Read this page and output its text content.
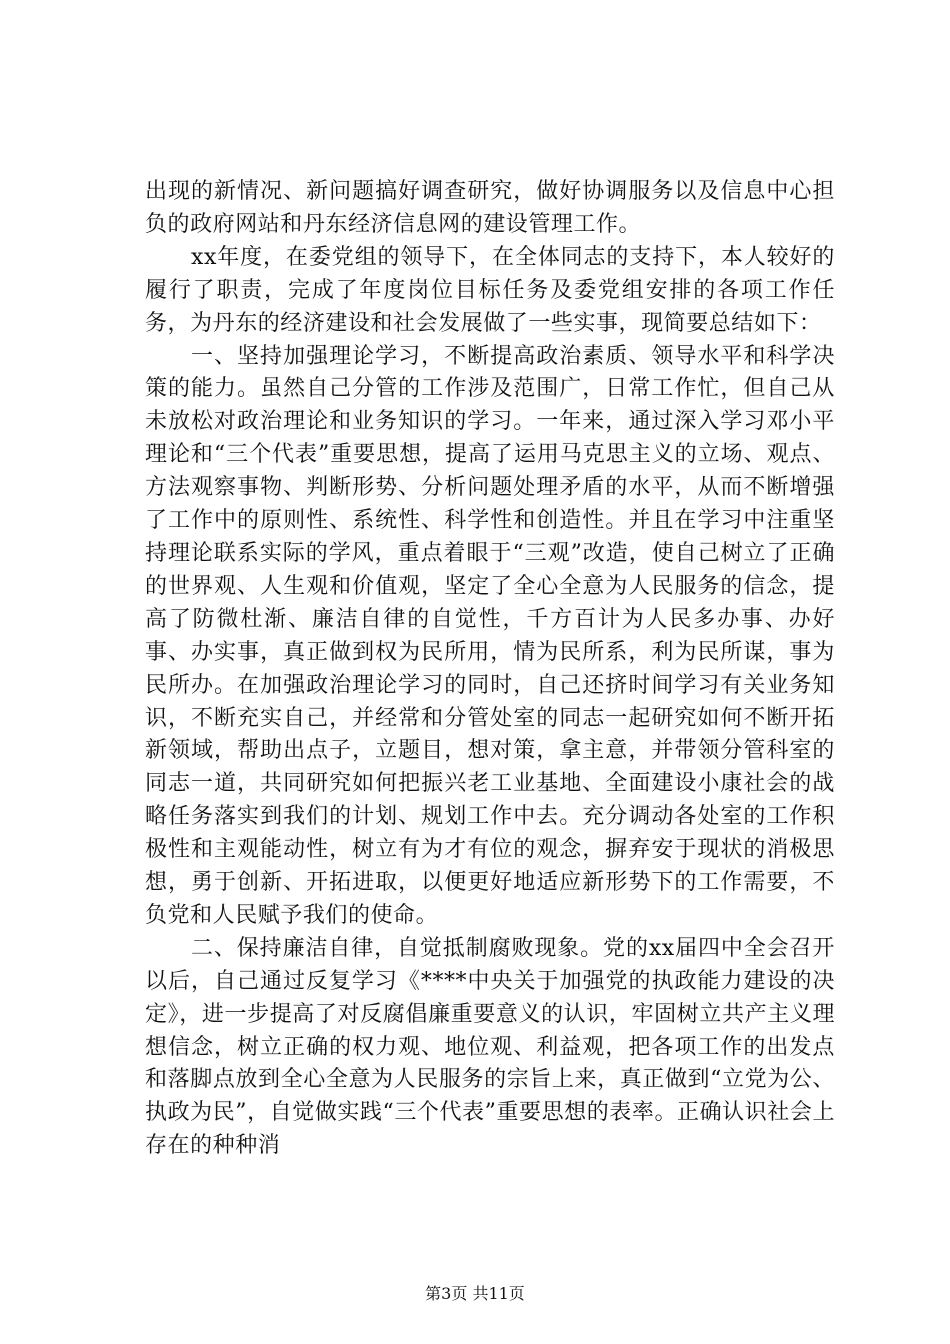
出现的新情况、新问题搞好调查研究，做好协调服务以及信息中心担负的政府网站和丹东经济信息网的建设管理工作。

xx年度，在委党组的领导下，在全体同志的支持下，本人较好的履行了职责，完成了年度岗位目标任务及委党组安排的各项工作任务，为丹东的经济建设和社会发展做了一些实事，现简要总结如下：

一、坚持加强理论学习，不断提高政治素质、领导水平和科学决策的能力。虽然自己分管的工作涉及范围广，日常工作忙，但自己从未放松对政治理论和业务知识的学习。一年来，通过深入学习邓小平理论和“三个代表”重要思想，提高了运用马克思主义的立场、观点、方法观察事物、判断形势、分析问题处理矛盾的水平，从而不断增强了工作中的原则性、系统性、科学性和创造性。并且在学习中注重坚持理论联系实际的学风，重点着眼于“三观”改造，使自己树立了正确的世界观、人生观和价值观，坚定了全心全意为人民服务的信念，提高了防微杜渐、廉洁自律的自觉性，千方百计为人民多办事、办好事、办实事，真正做到权为民所用，情为民所系，利为民所谋，事为民所办。在加强政治理论学习的同时，自己还挤时间学习有关业务知识，不断充实自己，并经常和分管处室的同志一起研究如何不断开拓新领域，帮助出点子，立题目，想对策，拿主意，并带领分管科室的同志一道，共同研究如何把振兴老工业基地、全面建设小康社会的战略任务落实到我们的计划、规划工作中去。充分调动各处室的工作积极性和主观能动性，树立有为才有位的观念，摒弃安于现状的消极思想，勇于创新、开拓进取，以便更好地适应新形势下的工作需要，不负党和人民赋予我们的使命。

二、保持廉洁自律，自觉抵制腐败现象。党的xx届四中全会召开以后，自己通过反复学习《****中央关于加强党的执政能力建设的决定》，进一步提高了对反腐倡廉重要意义的认识，牢固树立共产主义理想信念，树立正确的权力观、地位观、利益观，把各项工作的出发点和落脚点放到全心全意为人民服务的宗旨上来，真正做到“立党为公、执政为民”，自觉做实践“三个代表”重要思想的表率。正确认识社会上存在的种种消

第3页 共11页
